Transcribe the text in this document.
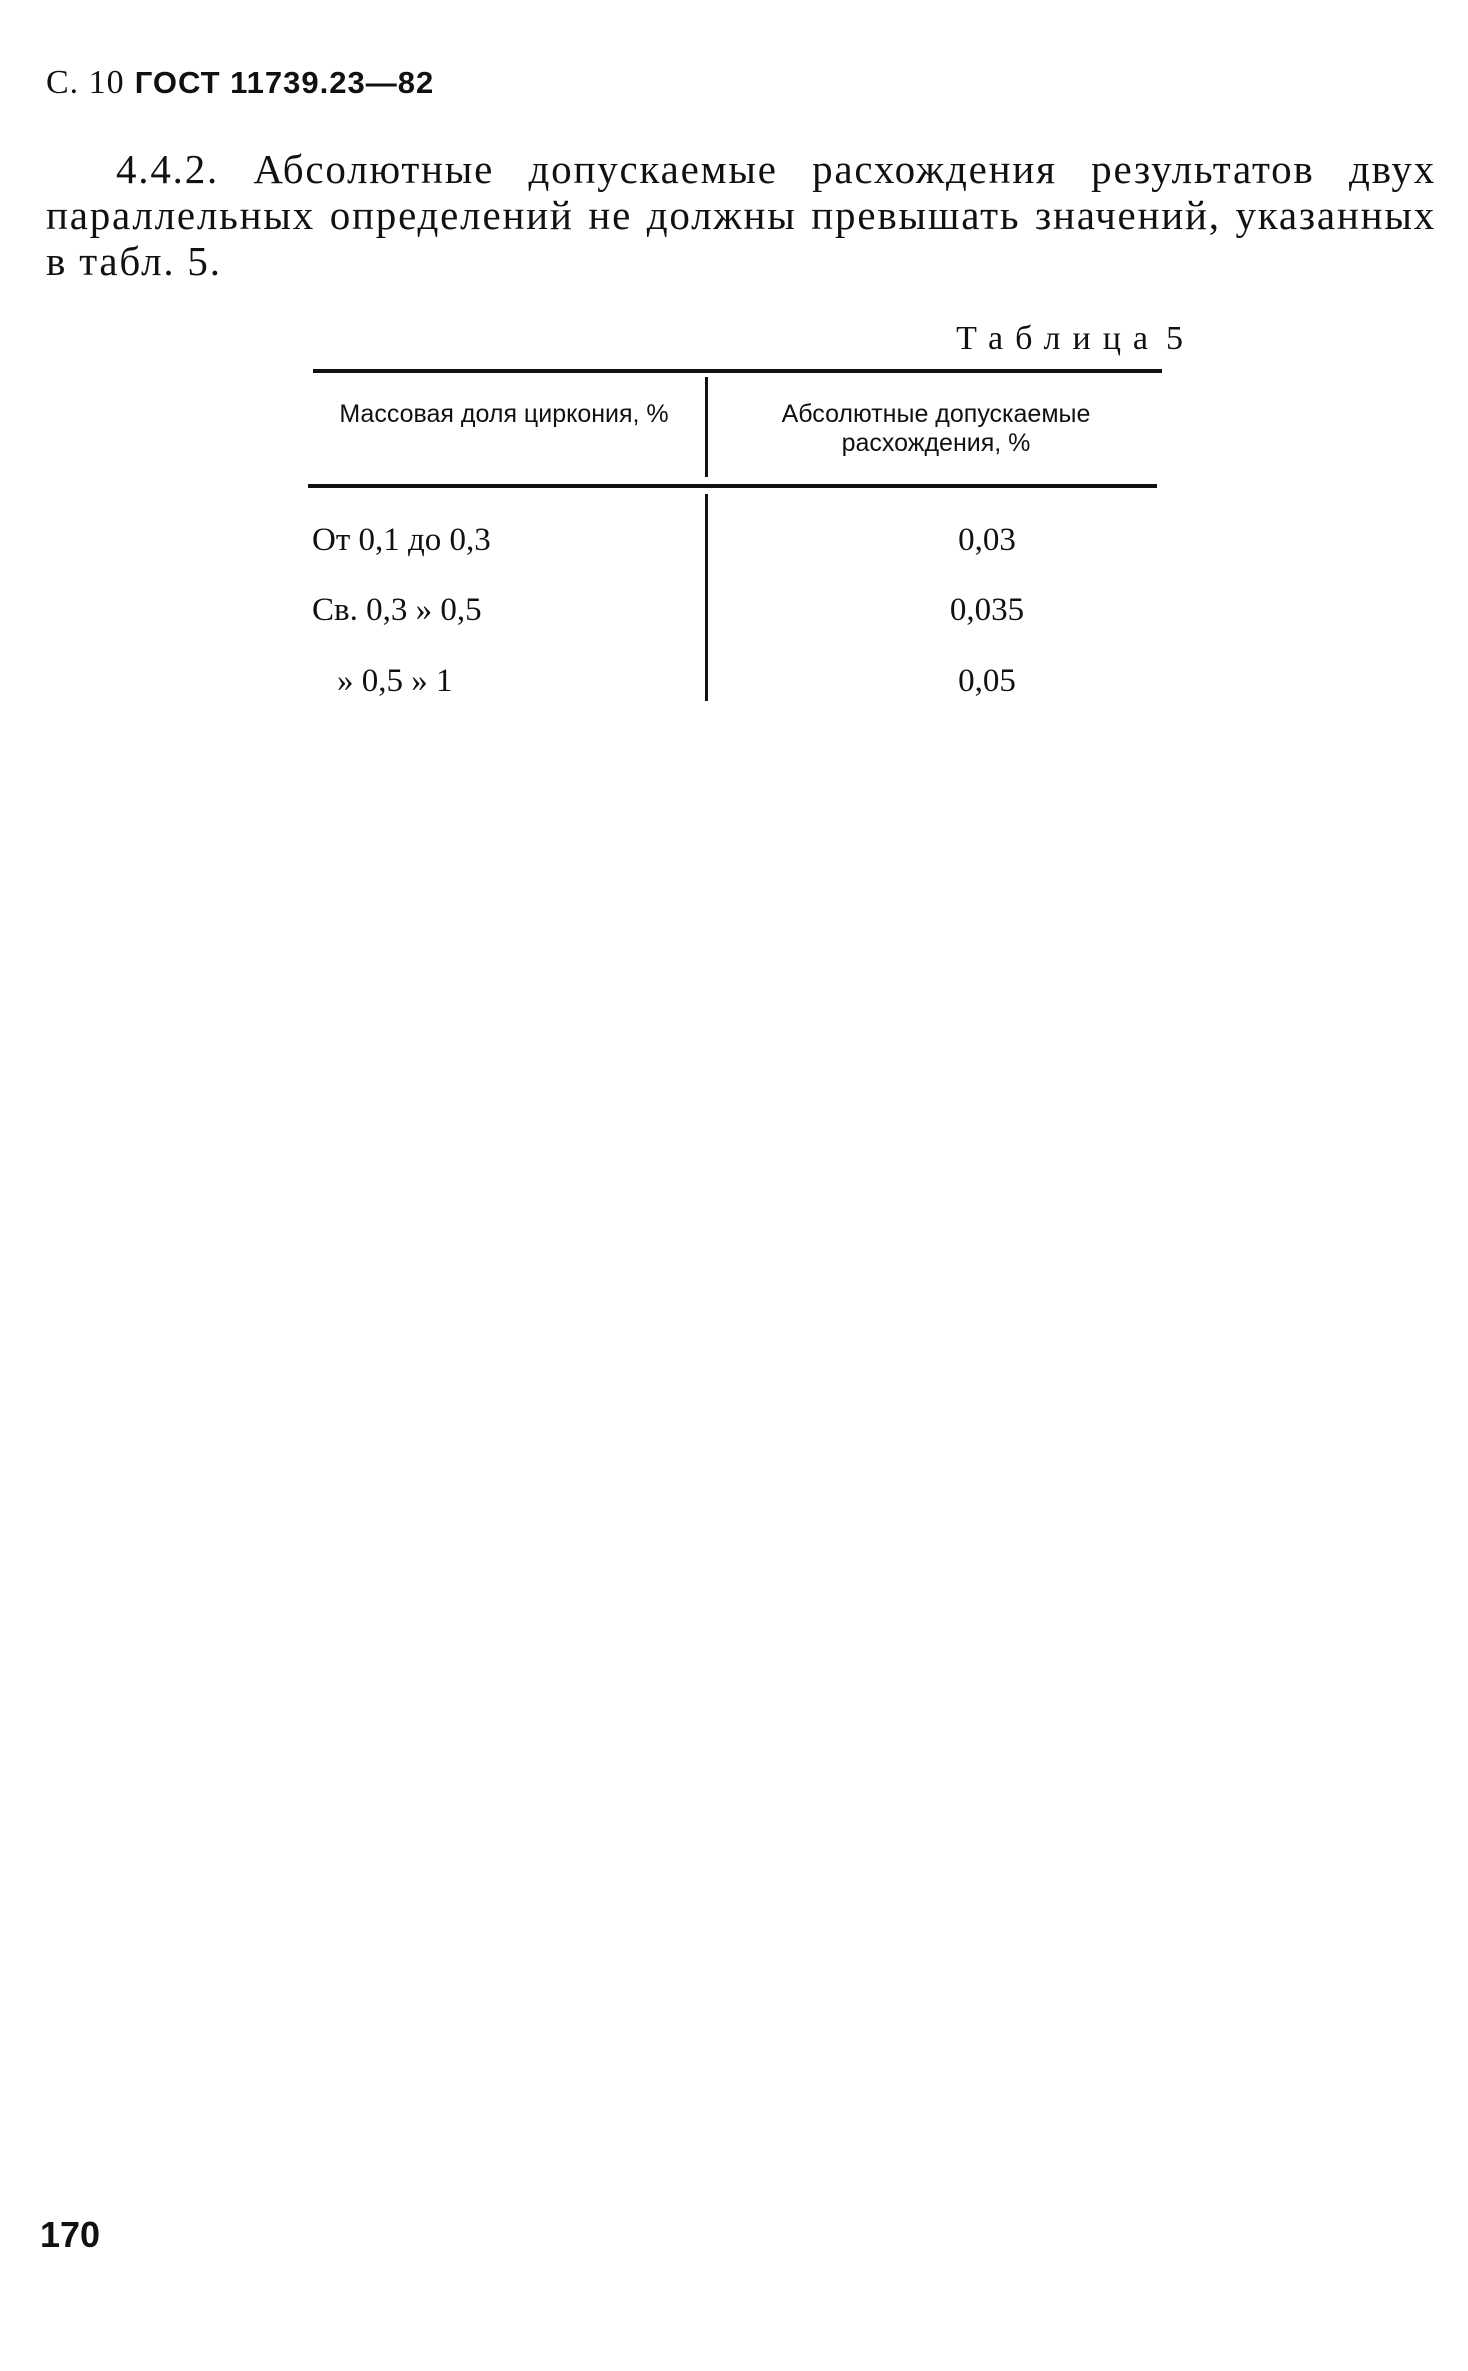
С. 10 ГОСТ 11739.23—82
4.4.2. Абсолютные допускаемые расхождения результатов двух параллельных определений не должны превышать значений, указанных в табл. 5.
Таблица 5
Массовая доля циркония, %	Абсолютные допускаемые расхождения, %
От 0,1 до 0,3	0,03
Св. 0,3 » 0,5	0,035
» 0,5 » 1	0,05
170
